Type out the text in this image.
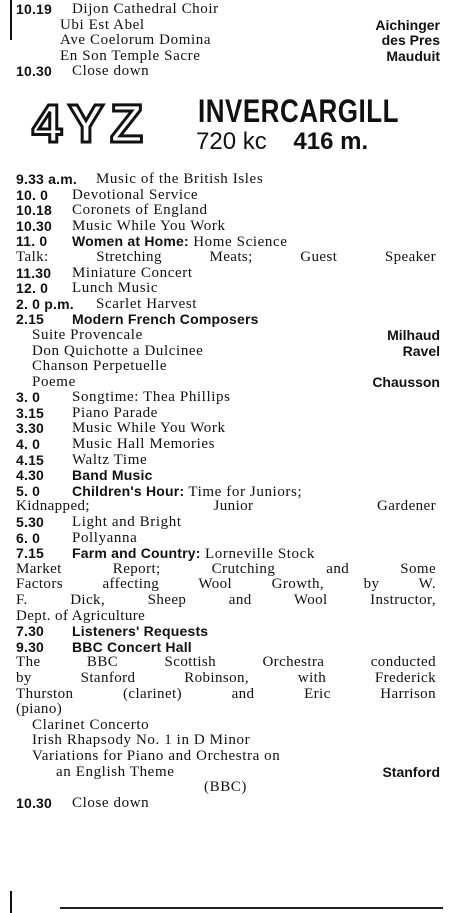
10.19 Dijon Cathedral Choir
Ubi Est Abel	Aichinger
Ave Coelorum Domina	des Pres
En Son Temple Sacre	Mauduit
10.30 Close down
4YZ INVERCARGILL
720 kc 416 m.
9.33 a.m. Music of the British Isles
10. 0 Devotional Service
10.18 Coronets of England
10.30 Music While You Work
11. 0 Women at Home: Home Science
Talk: Stretching Meats; Guest Speaker
11.30 Miniature Concert
12. 0 Lunch Music
2. 0 p.m. Scarlet Harvest
2.15 Modern French Composers
Suite Provencale	Milhaud
Don Quichotte a Dulcinee	Ravel
Chanson Perpetuelle
Poeme	Chausson
3. 0 Songtime: Thea Phillips
3.15 Piano Parade
3.30 Music While You Work
4. 0 Music Hall Memories
4.15 Waltz Time
4.30 Band Music
5. 0 Children's Hour: Time for Juniors;
Kidnapped; Junior Gardener
5.30 Light and Bright
6. 0 Pollyanna
7.15 Farm and Country: Lorneville Stock
Market Report; Crutching and Some
Factors affecting Wool Growth, by W.
F. Dick, Sheep and Wool Instructor,
Dept. of Agriculture
7.30 Listeners' Requests
9.30 BBC Concert Hall
The BBC Scottish Orchestra conducted
by Stanford Robinson, with Frederick
Thurston (clarinet) and Eric Harrison
(piano)
Clarinet Concerto
Irish Rhapsody No. 1 in D Minor
Variations for Piano and Orchestra on
an English Theme	Stanford
(BBC)
10.30 Close down
